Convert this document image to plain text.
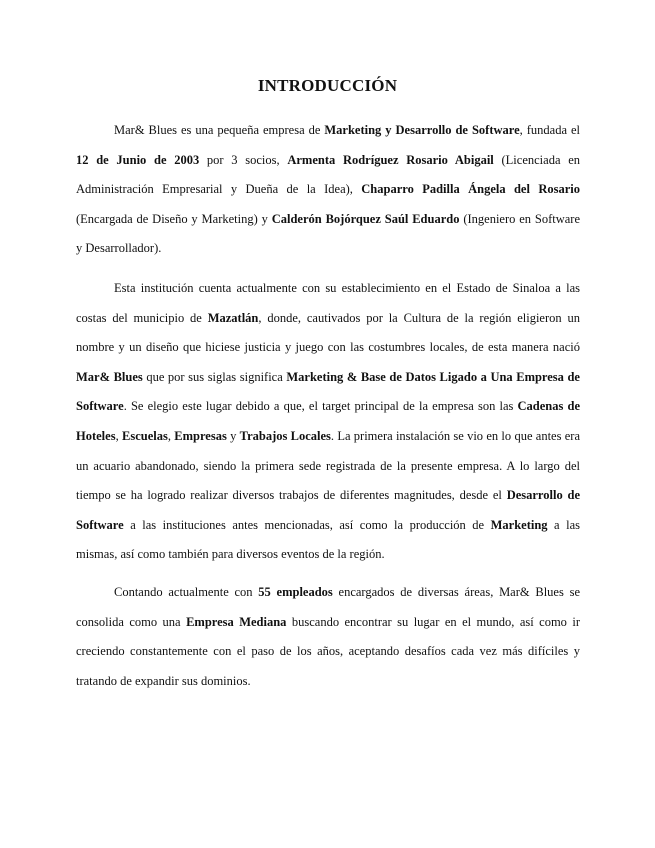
INTRODUCCIÓN

Mar& Blues es una pequeña empresa de Marketing y Desarrollo de Software, fundada el 12 de Junio de 2003 por 3 socios, Armenta Rodríguez Rosario Abigail (Licenciada en Administración Empresarial y Dueña de la Idea), Chaparro Padilla Ángela del Rosario (Encargada de Diseño y Marketing) y Calderón Bojórquez Saúl Eduardo (Ingeniero en Software y Desarrollador).

Esta institución cuenta actualmente con su establecimiento en el Estado de Sinaloa a las costas del municipio de Mazatlán, donde, cautivados por la Cultura de la región eligieron un nombre y un diseño que hiciese justicia y juego con las costumbres locales, de esta manera nació Mar& Blues que por sus siglas significa Marketing & Base de Datos Ligado a Una Empresa de Software. Se elegio este lugar debido a que, el target principal de la empresa son las Cadenas de Hoteles, Escuelas, Empresas y Trabajos Locales. La primera instalación se vio en lo que antes era un acuario abandonado, siendo la primera sede registrada de la presente empresa. A lo largo del tiempo se ha logrado realizar diversos trabajos de diferentes magnitudes, desde el Desarrollo de Software a las instituciones antes mencionadas, así como la producción de Marketing a las mismas, así como también para diversos eventos de la región.

Contando actualmente con 55 empleados encargados de diversas áreas, Mar& Blues se consolida como una Empresa Mediana buscando encontrar su lugar en el mundo, así como ir creciendo constantemente con el paso de los años, aceptando desafíos cada vez más difíciles y tratando de expandir sus dominios.
